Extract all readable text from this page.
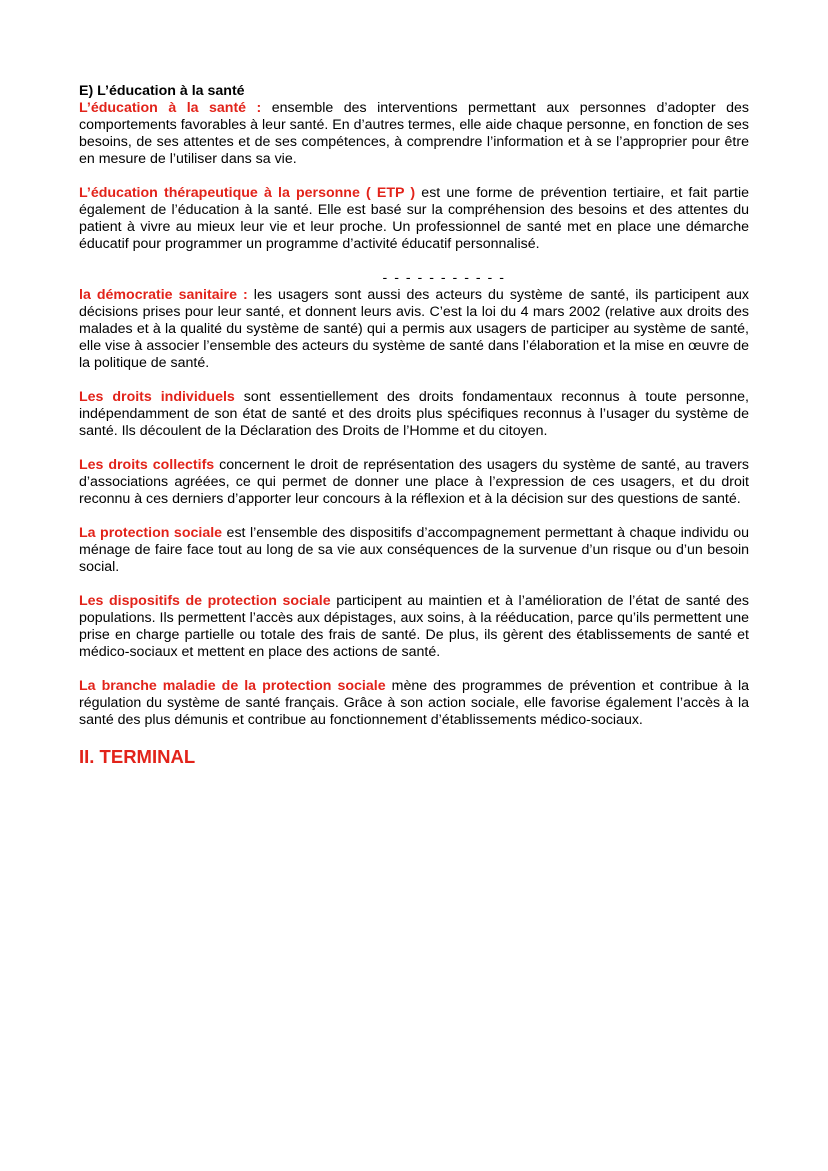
E) L’éducation à la santé

L’éducation à la santé : ensemble des interventions permettant aux personnes d’adopter des comportements favorables à leur santé. En d’autres termes, elle aide chaque personne, en fonction de ses besoins, de ses attentes et de ses compétences, à comprendre l’information et à se l’approprier pour être en mesure de l’utiliser dans sa vie.

L’éducation thérapeutique à la personne ( ETP ) est une forme de prévention tertiaire, et fait partie également de l’éducation à la santé. Elle est basé sur la compréhension des besoins et des attentes du patient à vivre au mieux leur vie et leur proche. Un professionnel de santé met en place une démarche éducatif pour programmer un programme d’activité éducatif personnalisé.

- - - - - - - - - - -

la démocratie sanitaire : les usagers sont aussi des acteurs du système de santé, ils participent aux décisions prises pour leur santé, et donnent leurs avis. C’est la loi du 4 mars 2002 (relative aux droits des malades et à la qualité du système de santé) qui a permis aux usagers de participer au système de santé, elle vise à associer l’ensemble des acteurs du système de santé dans l’élaboration et la mise en œuvre de la politique de santé.

Les droits individuels sont essentiellement des droits fondamentaux reconnus à toute personne, indépendamment de son état de santé et des droits plus spécifiques reconnus à l’usager du système de santé. Ils découlent de la Déclaration des Droits de l’Homme et du citoyen.

Les droits collectifs concernent le droit de représentation des usagers du système de santé, au travers d’associations agréées, ce qui permet de donner une place à l’expression de ces usagers, et du droit reconnu à ces derniers d’apporter leur concours à la réflexion et à la décision sur des questions de santé.

La protection sociale est l’ensemble des dispositifs d’accompagnement permettant à chaque individu ou ménage de faire face tout au long de sa vie aux conséquences de la survenue d’un risque ou d’un besoin social.

Les dispositifs de protection sociale participent au maintien et à l’amélioration de l’état de santé des populations. Ils permettent l’accès aux dépistages, aux soins, à la rééducation, parce qu’ils permettent une prise en charge partielle ou totale des frais de santé. De plus, ils gèrent des établissements de santé et médico-sociaux et mettent en place des actions de santé.

La branche maladie de la protection sociale mène des programmes de prévention et contribue à la régulation du système de santé français. Grâce à son action sociale, elle favorise également l’accès à la santé des plus démunis et contribue au fonctionnement d’établissements médico-sociaux.

II. TERMINAL
